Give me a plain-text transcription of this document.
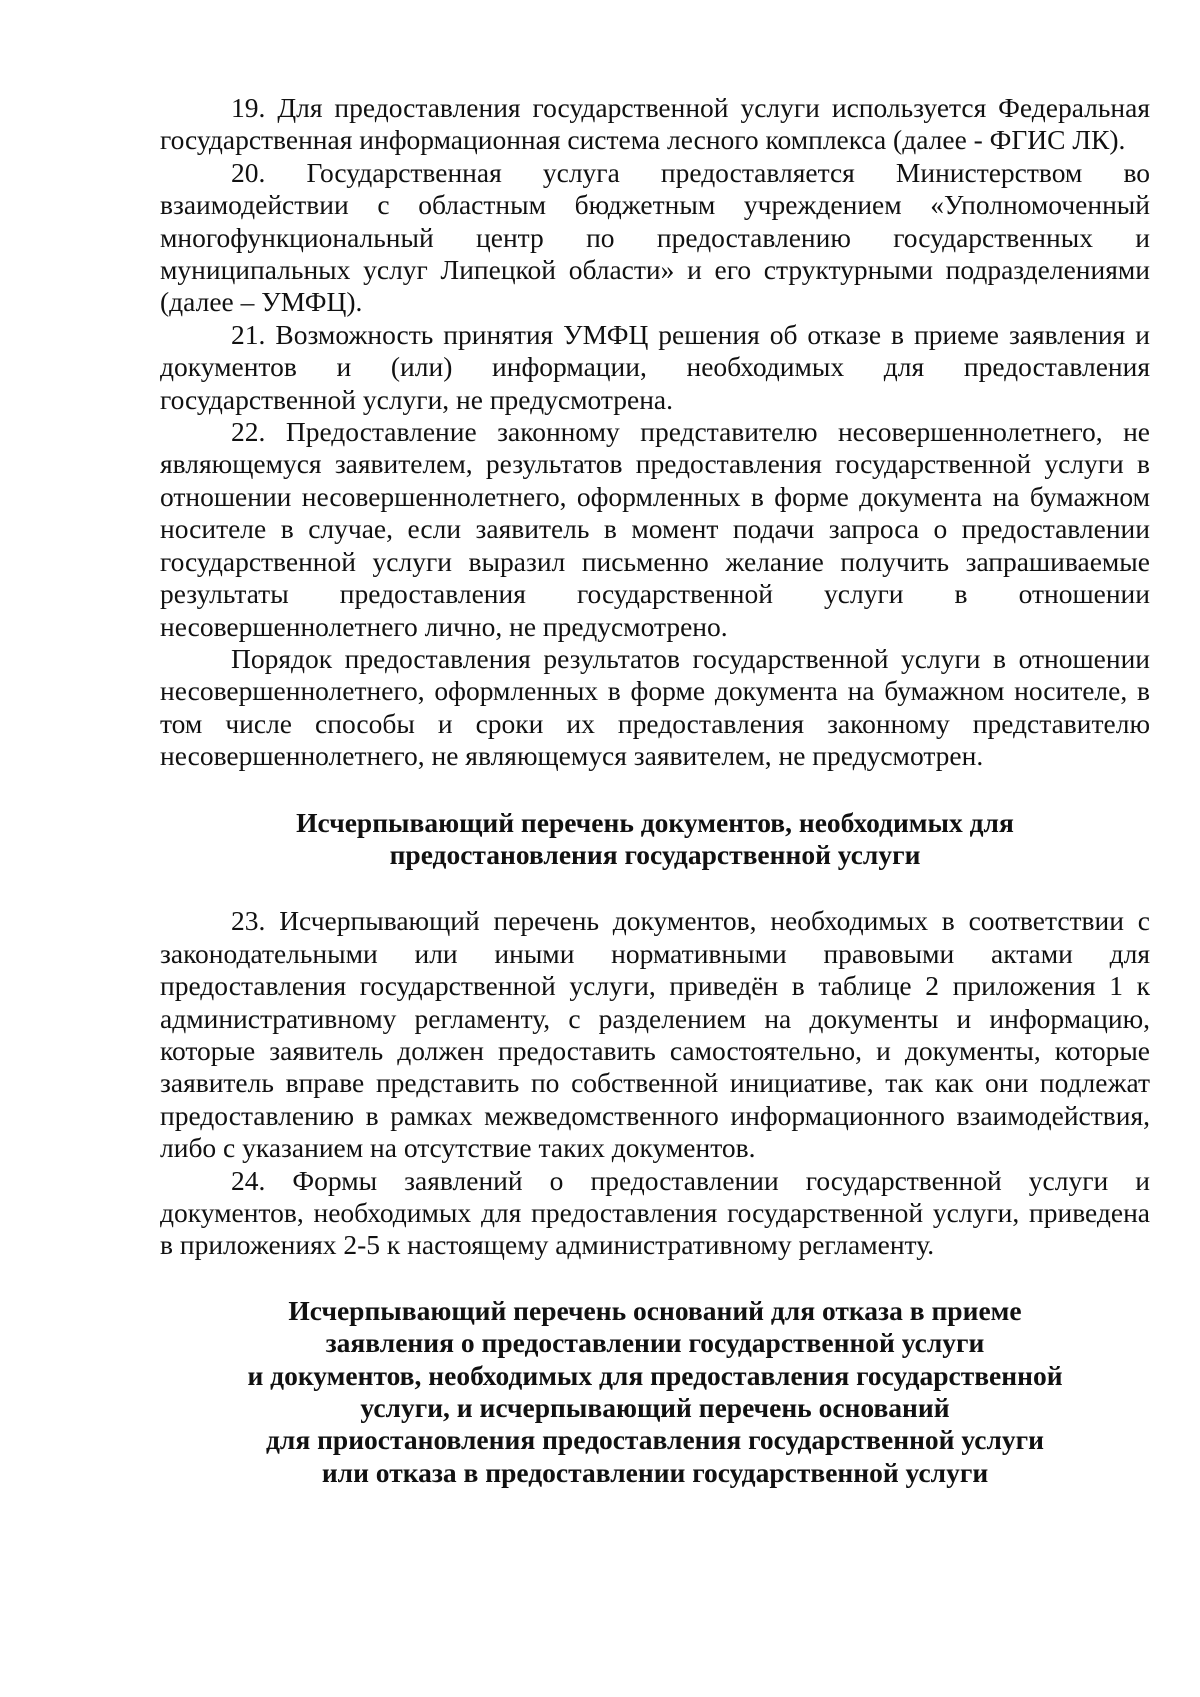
19. Для предоставления государственной услуги используется Федеральная государственная информационная система лесного комплекса (далее - ФГИС ЛК).

20. Государственная услуга предоставляется Министерством во взаимодействии с областным бюджетным учреждением «Уполномоченный многофункциональный центр по предоставлению государственных и муниципальных услуг Липецкой области» и его структурными подразделениями (далее – УМФЦ).

21. Возможность принятия УМФЦ решения об отказе в приеме заявления и документов и (или) информации, необходимых для предоставления государственной услуги, не предусмотрена.

22. Предоставление законному представителю несовершеннолетнего, не являющемуся заявителем, результатов предоставления государственной услуги в отношении несовершеннолетнего, оформленных в форме документа на бумажном носителе в случае, если заявитель в момент подачи запроса о предоставлении государственной услуги выразил письменно желание получить запрашиваемые результаты предоставления государственной услуги в отношении несовершеннолетнего лично, не предусмотрено.

Порядок предоставления результатов государственной услуги в отношении несовершеннолетнего, оформленных в форме документа на бумажном носителе, в том числе способы и сроки их предоставления законному представителю несовершеннолетнего, не являющемуся заявителем, не предусмотрен.

Исчерпывающий перечень документов, необходимых для предостановления государственной услуги

23. Исчерпывающий перечень документов, необходимых в соответствии с законодательными или иными нормативными правовыми актами для предоставления государственной услуги, приведён в таблице 2 приложения 1 к административному регламенту, с разделением на документы и информацию, которые заявитель должен предоставить самостоятельно, и документы, которые заявитель вправе представить по собственной инициативе, так как они подлежат предоставлению в рамках межведомственного информационного взаимодействия, либо с указанием на отсутствие таких документов.

24. Формы заявлений о предоставлении государственной услуги и документов, необходимых для предоставления государственной услуги, приведена в приложениях 2-5 к настоящему административному регламенту.

Исчерпывающий перечень оснований для отказа в приеме
заявления о предоставлении государственной услуги
и документов, необходимых для предоставления государственной
услуги, и исчерпывающий перечень оснований
для приостановления предоставления государственной услуги
или отказа в предоставлении государственной услуги
